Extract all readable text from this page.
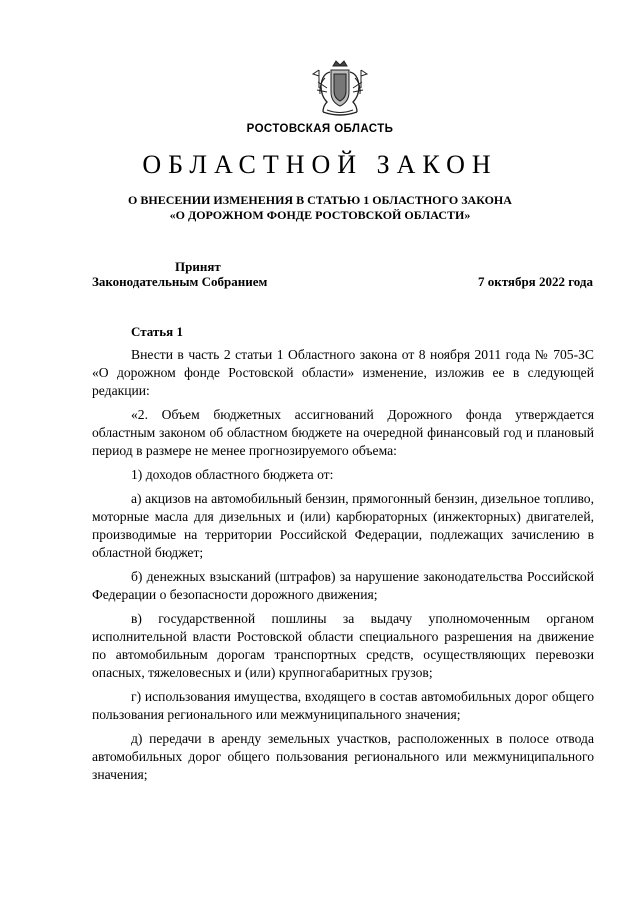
РОСТОВСКАЯ ОБЛАСТЬ
ОБЛАСТНОЙ ЗАКОН
О ВНЕСЕНИИ ИЗМЕНЕНИЯ В СТАТЬЮ 1 ОБЛАСТНОГО ЗАКОНА
«О ДОРОЖНОМ ФОНДЕ РОСТОВСКОЙ ОБЛАСТИ»
Принят
Законодательным Собранием	7 октября 2022 года
Статья 1

Внести в часть 2 статьи 1 Областного закона от 8 ноября 2011 года № 705-ЗС «О дорожном фонде Ростовской области» изменение, изложив ее в следующей редакции:

«2. Объем бюджетных ассигнований Дорожного фонда утверждается областным законом об областном бюджете на очередной финансовый год и плановый период в размере не менее прогнозируемого объема:

1) доходов областного бюджета от:

а) акцизов на автомобильный бензин, прямогонный бензин, дизельное топливо, моторные масла для дизельных и (или) карбюраторных (инжекторных) двигателей, производимые на территории Российской Федерации, подлежащих зачислению в областной бюджет;

б) денежных взысканий (штрафов) за нарушение законодательства Российской Федерации о безопасности дорожного движения;

в) государственной пошлины за выдачу уполномоченным органом исполнительной власти Ростовской области специального разрешения на движение по автомобильным дорогам транспортных средств, осуществляющих перевозки опасных, тяжеловесных и (или) крупногабаритных грузов;

г) использования имущества, входящего в состав автомобильных дорог общего пользования регионального или межмуниципального значения;

д) передачи в аренду земельных участков, расположенных в полосе отвода автомобильных дорог общего пользования регионального или межмуниципального значения;
